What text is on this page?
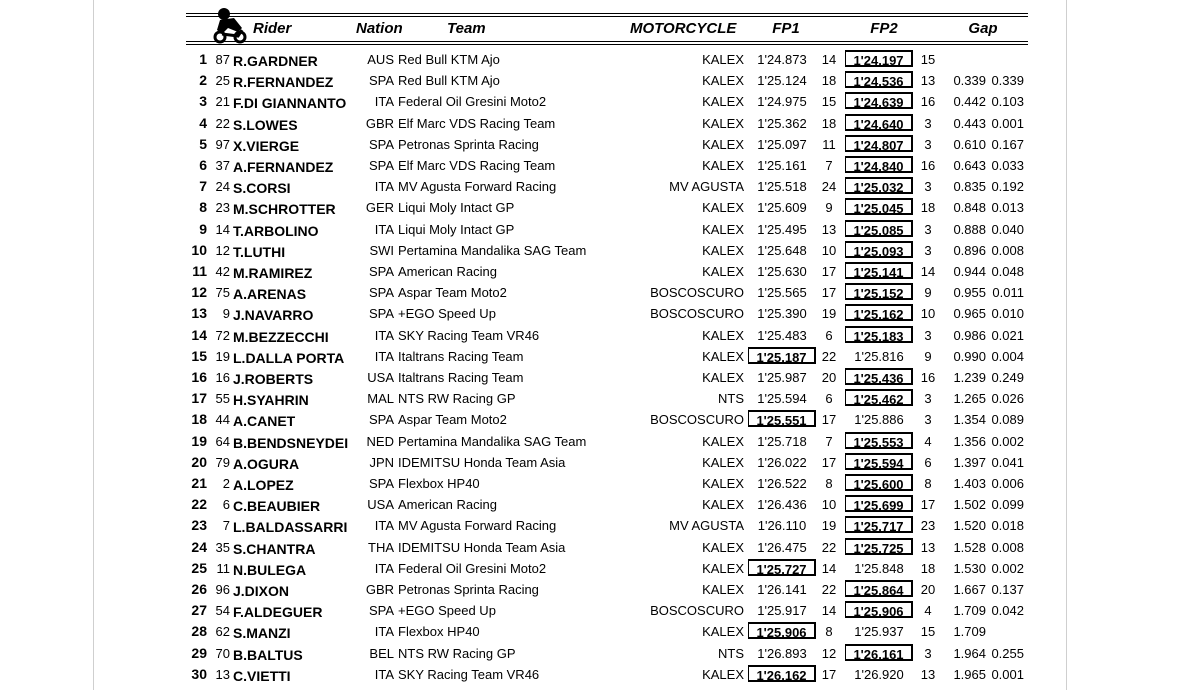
Rider	Nation	Team	MOTORCYCLE FP1	FP2	Gap
1 87 R.GARDNER	AUS Red Bull KTM Ajo	KALEX	1'24.873	14	1'24.197	15
2 25 R.FERNANDEZ	SPA Red Bull KTM Ajo	KALEX	1'25.124	18	1'24.536	13	0.339 0.339
3 21 F.DI GIANNANTO	ITA Federal Oil Gresini Moto2	KALEX	1'24.975	15	1'24.639	16	0.442 0.103
4 22 S.LOWES	GBR Elf Marc VDS Racing Team	KALEX	1'25.362	18	1'24.640	3	0.443 0.001
5 97 X.VIERGE	SPA Petronas Sprinta Racing	KALEX	1'25.097	11	1'24.807	3	0.610 0.167
6 37 A.FERNANDEZ	SPA Elf Marc VDS Racing Team	KALEX	1'25.161	7	1'24.840	16	0.643 0.033
7 24 S.CORSI	ITA MV Agusta Forward Racing	MV AGUSTA	1'25.518	24	1'25.032	3	0.835 0.192
8 23 M.SCHROTTER	GER Liqui Moly Intact GP	KALEX	1'25.609	9	1'25.045	18	0.848 0.013
9 14 T.ARBOLINO	ITA Liqui Moly Intact GP	KALEX	1'25.495	13	1'25.085	3	0.888 0.040
10 12 T.LUTHI	SWI Pertamina Mandalika SAG Team	KALEX	1'25.648	10	1'25.093	3	0.896 0.008
11 42 M.RAMIREZ	SPA American Racing	KALEX	1'25.630	17	1'25.141	14	0.944 0.048
12 75 A.ARENAS	SPA Aspar Team Moto2	BOSCOSCURO	1'25.565	17	1'25.152	9	0.955 0.011
13	9 J.NAVARRO	SPA +EGO Speed Up	BOSCOSCURO	1'25.390	19	1'25.162	10	0.965 0.010
14 72 M.BEZZECCHI	ITA SKY Racing Team VR46	KALEX	1'25.483	6	1'25.183	3	0.986 0.021
15 19 L.DALLA PORTA	ITA Italtrans Racing Team	KALEX 1'25.187	22	1'25.816	9	0.990 0.004
16 16 J.ROBERTS	USA Italtrans Racing Team	KALEX	1'25.987	20	1'25.436	16	1.239 0.249
17 55 H.SYAHRIN	MAL NTS RW Racing GP	NTS	1'25.594	6	1'25.462	3	1.265 0.026
18 44 A.CANET	SPA Aspar Team Moto2	BOSCOSCURO 1'25.551	17	1'25.886	3	1.354 0.089
19 64 B.BENDSNEYDEI	NED Pertamina Mandalika SAG Team	KALEX	1'25.718	7	1'25.553	4	1.356 0.002
20 79 A.OGURA	JPN IDEMITSU Honda Team Asia	KALEX	1'26.022	17	1'25.594	6	1.397 0.041
21	2 A.LOPEZ	SPA Flexbox HP40	KALEX	1'26.522	8	1'25.600	8	1.403 0.006
22	6 C.BEAUBIER	USA American Racing	KALEX	1'26.436	10	1'25.699	17	1.502 0.099
23	7 L.BALDASSARRI	ITA MV Agusta Forward Racing	MV AGUSTA	1'26.110	19	1'25.717	23	1.520 0.018
24 35 S.CHANTRA	THA IDEMITSU Honda Team Asia	KALEX	1'26.475	22	1'25.725	13	1.528 0.008
25 11 N.BULEGA	ITA Federal Oil Gresini Moto2	KALEX 1'25.727	14	1'25.848	18	1.530 0.002
26 96 J.DIXON	GBR Petronas Sprinta Racing	KALEX	1'26.141	22	1'25.864	20	1.667 0.137
27 54 F.ALDEGUER	SPA +EGO Speed Up	BOSCOSCURO	1'25.917	14	1'25.906	4	1.709 0.042
28 62 S.MANZI	ITA Flexbox HP40	KALEX 1'25.906	8	1'25.937	15	1.709
29 70 B.BALTUS	BEL NTS RW Racing GP	NTS	1'26.893	12	1'26.161	3	1.964 0.255
30 13 C.VIETTI	ITA SKY Racing Team VR46	KALEX 1'26.162	17	1'26.920	13	1.965 0.001
